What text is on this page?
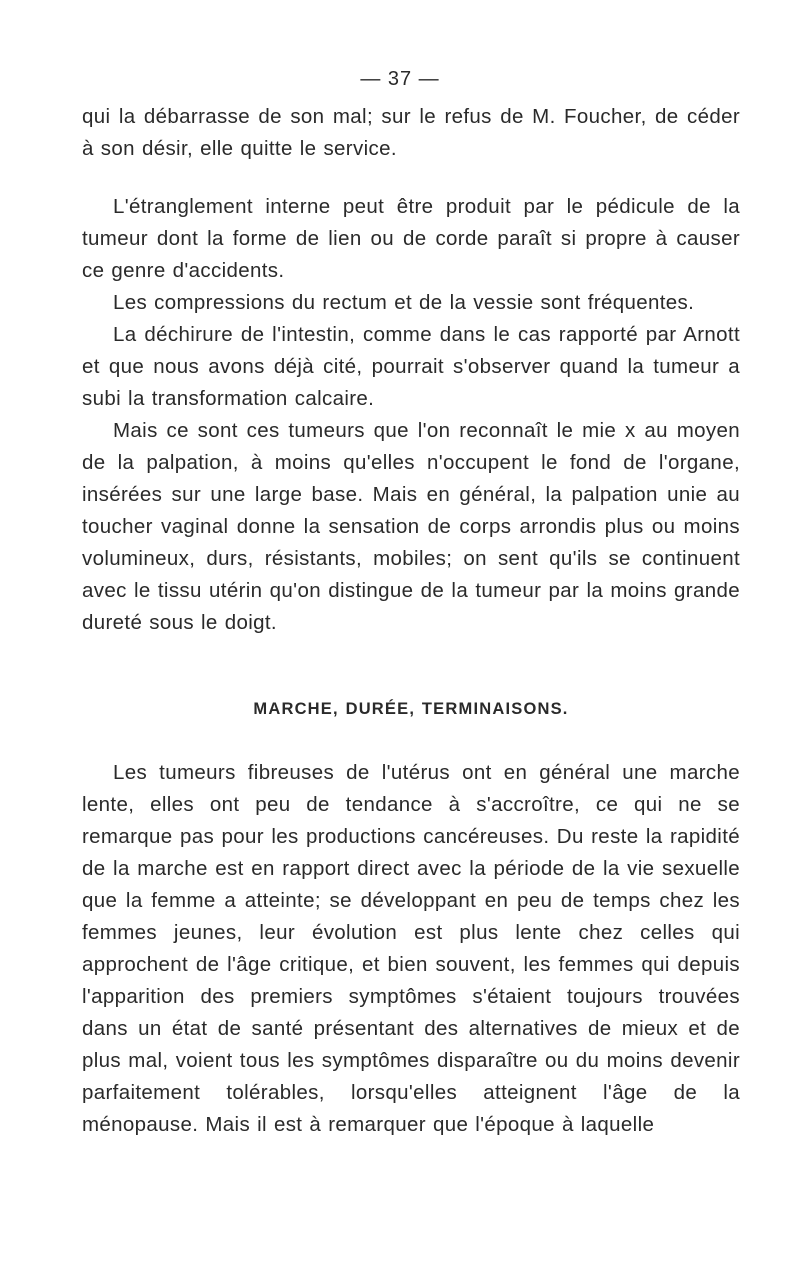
— 37 —

qui la débarrasse de son mal; sur le refus de M. Foucher, de céder à son désir, elle quitte le service.

L'étranglement interne peut être produit par le pédicule de la tumeur dont la forme de lien ou de corde paraît si propre à causer ce genre d'accidents.

Les compressions du rectum et de la vessie sont fréquentes.

La déchirure de l'intestin, comme dans le cas rapporté par Arnott et que nous avons déjà cité, pourrait s'observer quand la tumeur a subi la transformation calcaire.

Mais ce sont ces tumeurs que l'on reconnaît le mie x au moyen de la palpation, à moins qu'elles n'occupent le fond de l'organe, insérées sur une large base. Mais en général, la palpation unie au toucher vaginal donne la sensation de corps arrondis plus ou moins volumineux, durs, résistants, mobiles; on sent qu'ils se continuent avec le tissu utérin qu'on distingue de la tumeur par la moins grande dureté sous le doigt.

MARCHE, DURÉE, TERMINAISONS.

Les tumeurs fibreuses de l'utérus ont en général une marche lente, elles ont peu de tendance à s'accroître, ce qui ne se remarque pas pour les productions cancéreuses. Du reste la rapidité de la marche est en rapport direct avec la période de la vie sexuelle que la femme a atteinte; se développant en peu de temps chez les femmes jeunes, leur évolution est plus lente chez celles qui approchent de l'âge critique, et bien souvent, les femmes qui depuis l'apparition des premiers symptômes s'étaient toujours trouvées dans un état de santé présentant des alternatives de mieux et de plus mal, voient tous les symptômes disparaître ou du moins devenir parfaitement tolérables, lorsqu'elles atteignent l'âge de la ménopause. Mais il est à remarquer que l'époque à laquelle
